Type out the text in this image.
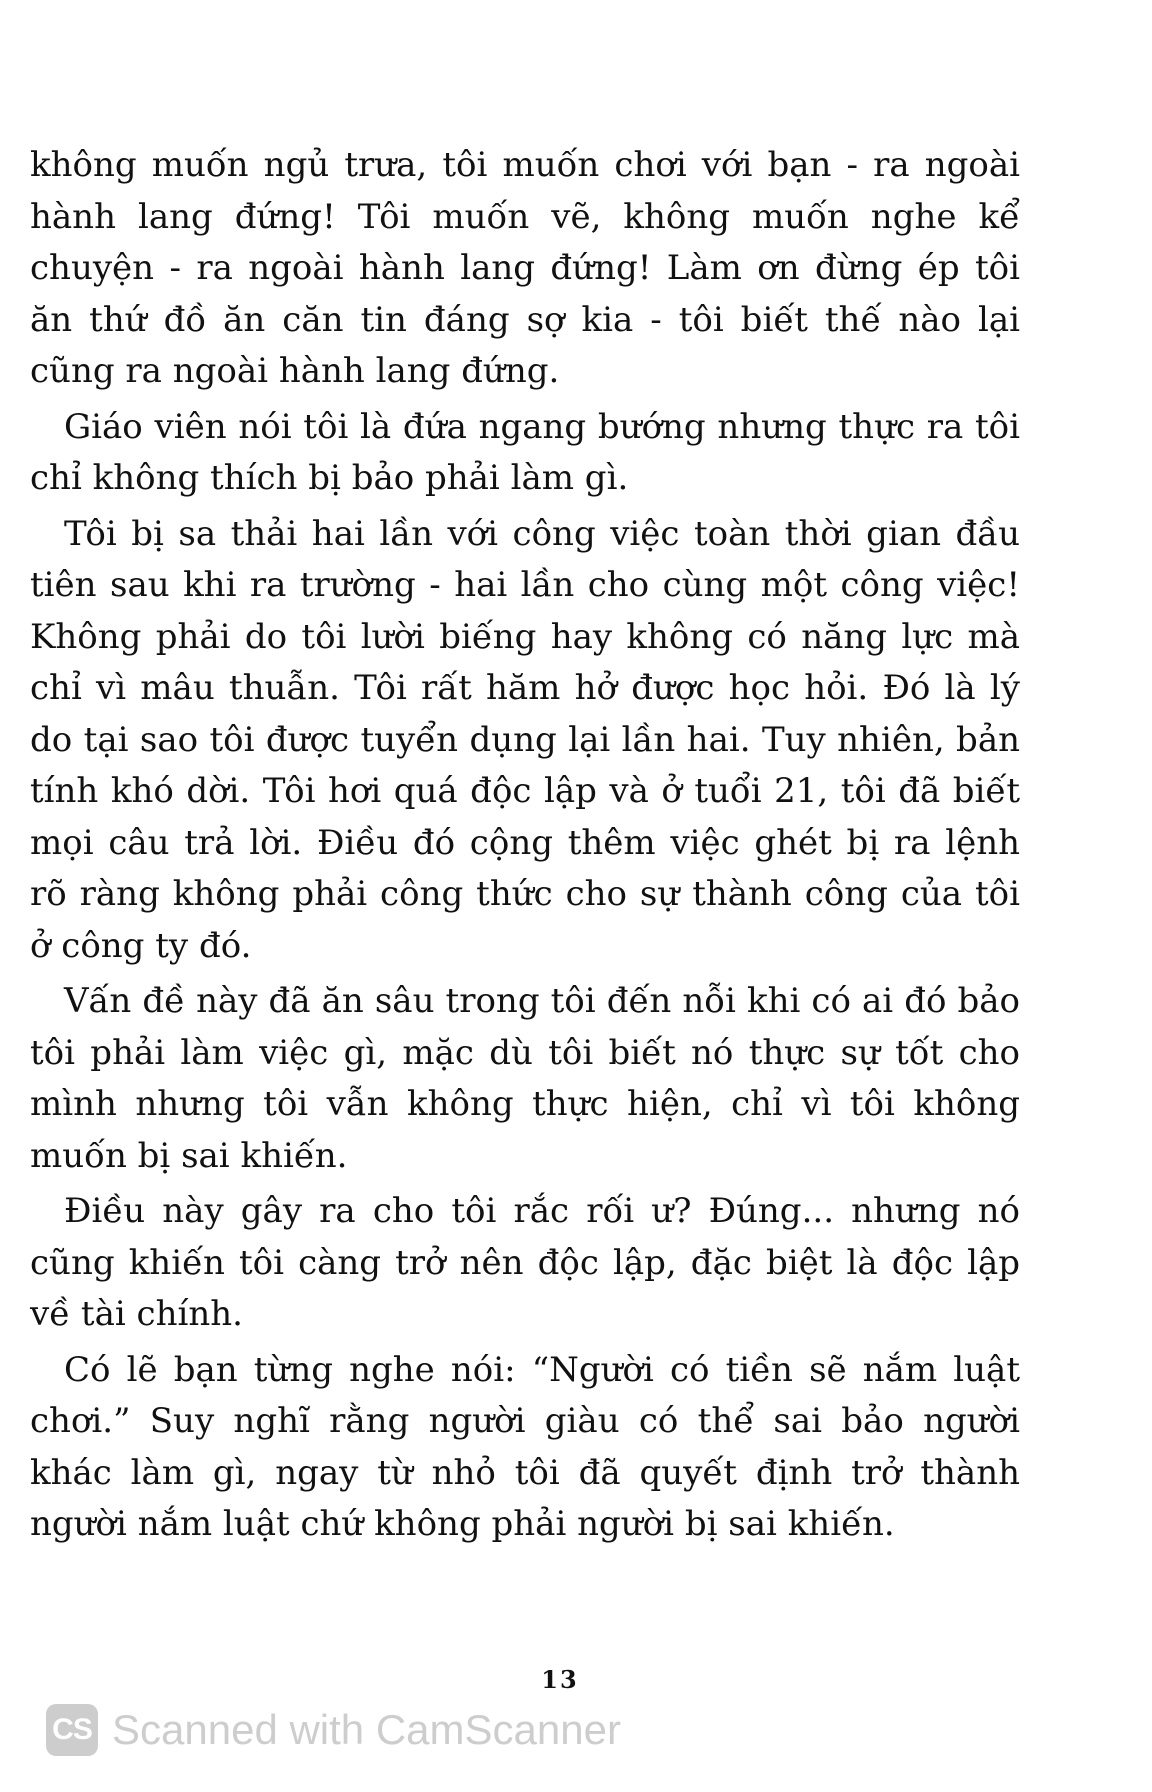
không muốn ngủ trưa, tôi muốn chơi với bạn - ra ngoài hành lang đứng! Tôi muốn vẽ, không muốn nghe kể chuyện - ra ngoài hành lang đứng! Làm ơn đừng ép tôi ăn thứ đồ ăn căn tin đáng sợ kia - tôi biết thế nào lại cũng ra ngoài hành lang đứng.

Giáo viên nói tôi là đứa ngang bướng nhưng thực ra tôi chỉ không thích bị bảo phải làm gì.

Tôi bị sa thải hai lần với công việc toàn thời gian đầu tiên sau khi ra trường - hai lần cho cùng một công việc! Không phải do tôi lười biếng hay không có năng lực mà chỉ vì mâu thuẫn. Tôi rất hăm hở được học hỏi. Đó là lý do tại sao tôi được tuyển dụng lại lần hai. Tuy nhiên, bản tính khó dời. Tôi hơi quá độc lập và ở tuổi 21, tôi đã biết mọi câu trả lời. Điều đó cộng thêm việc ghét bị ra lệnh rõ ràng không phải công thức cho sự thành công của tôi ở công ty đó.

Vấn đề này đã ăn sâu trong tôi đến nỗi khi có ai đó bảo tôi phải làm việc gì, mặc dù tôi biết nó thực sự tốt cho mình nhưng tôi vẫn không thực hiện, chỉ vì tôi không muốn bị sai khiến.

Điều này gây ra cho tôi rắc rối ư? Đúng... nhưng nó cũng khiến tôi càng trở nên độc lập, đặc biệt là độc lập về tài chính.

Có lẽ bạn từng nghe nói: “Người có tiền sẽ nắm luật chơi.” Suy nghĩ rằng người giàu có thể sai bảo người khác làm gì, ngay từ nhỏ tôi đã quyết định trở thành người nắm luật chứ không phải người bị sai khiến.

13
CS Scanned with CamScanner
